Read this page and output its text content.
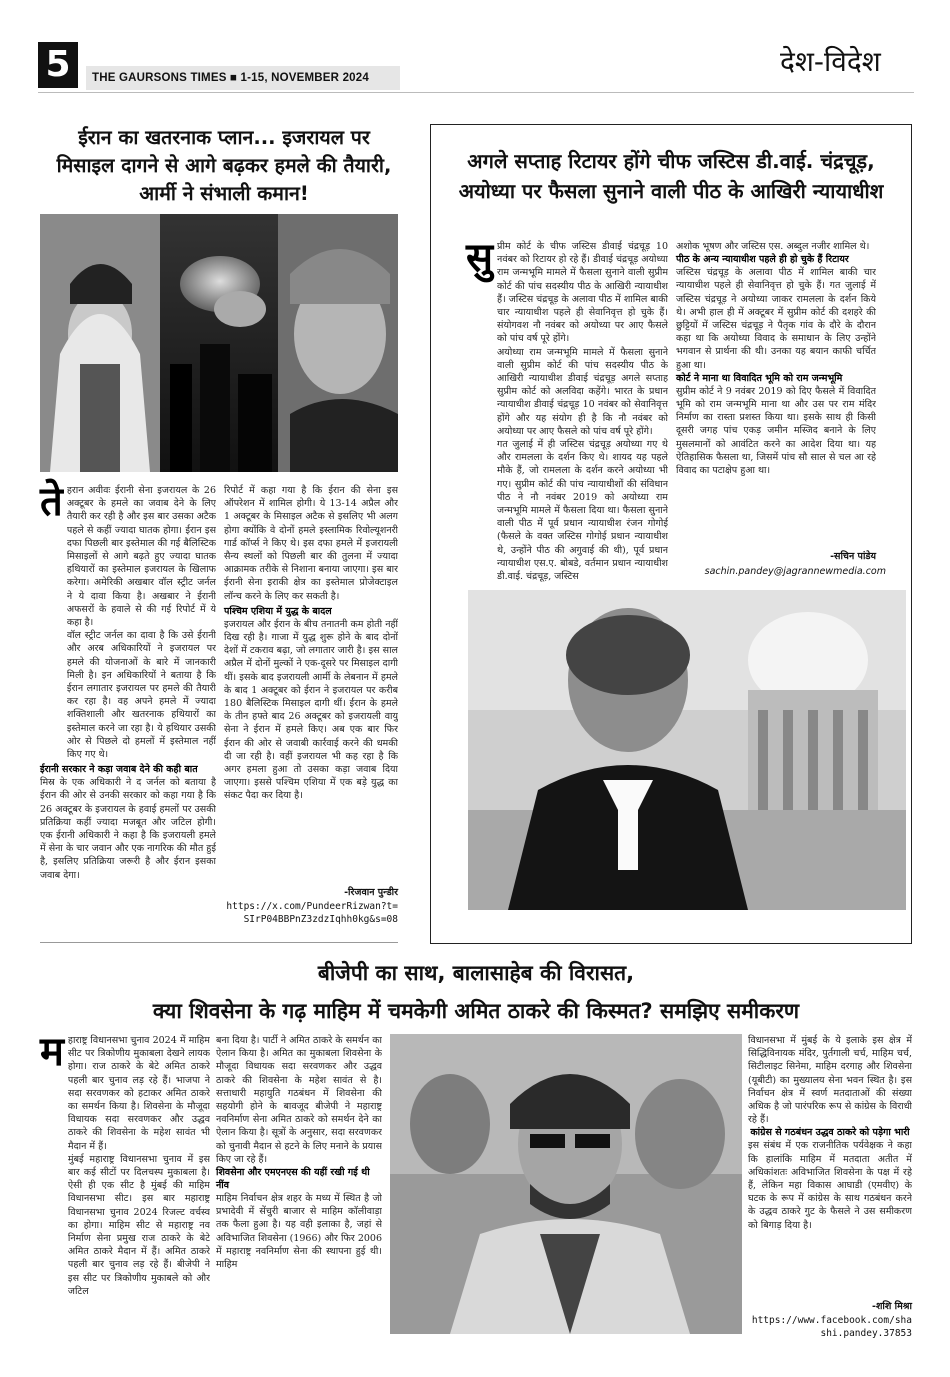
5	THE GAURSONS TIMES ■ 1-15, NOVEMBER 2024	देश-विदेश
ईरान का खतरनाक प्लान... इजरायल पर मिसाइल दागने से आगे बढ़कर हमले की तैयारी, आर्मी ने संभाली कमान!
ते हरान अवीवः ईरानी सेना इजरायल के 26 अक्टूबर के हमले का जवाब देने के लिए तैयारी कर रही है और इस बार उसका अटैक पहले से कहीं ज्यादा घातक होगा। ईरान इस दफा पिछली बार इस्तेमाल की गई बैलिस्टिक मिसाइलों से आगे बढ़ते हुए ज्यादा घातक हथियारों का इस्तेमाल इजरायल के खिलाफ करेगा। अमेरिकी अखबार वॉल स्ट्रीट जर्नल ने ये दावा किया है। अखबार ने ईरानी अफसरों के हवाले से की गई रिपोर्ट में ये कहा है।
वॉल स्ट्रीट जर्नल का दावा है कि उसे ईरानी और अरब अधिकारियों ने इजरायल पर हमले की योजनाओं के बारे में जानकारी मिली है। इन अधिकारियों ने बताया है कि ईरान लगातार इजरायल पर हमले की तैयारी कर रहा है। वह अपने हमले में ज्यादा शक्तिशाली और खतरनाक हथियारों का इस्तेमाल करने जा रहा है। ये हथियार उसकी ओर से पिछले दो हमलों में इस्तेमाल नहीं किए गए थे।
ईरानी सरकार ने कड़ा जवाब देने की कही बात
मिस्र के एक अधिकारी ने द जर्नल को बताया है ईरान की ओर से उनकी सरकार को कहा गया है कि 26 अक्टूबर के इजरायल के हवाई हमलों पर उसकी प्रतिक्रिया कहीं ज्यादा मजबूत और जटिल होगी। एक ईरानी अधिकारी ने कहा है कि इजरायली हमले में सेना के चार जवान और एक नागरिक की मौत हुई है, इसलिए प्रतिक्रिया जरूरी है और ईरान इसका जवाब देगा।
रिपोर्ट में कहा गया है कि ईरान की सेना इस ऑपरेशन में शामिल होगी। ये 13-14 अप्रैल और 1 अक्टूबर के मिसाइल अटैक से इसलिए भी अलग होगा क्योंकि वे दोनों हमले इस्लामिक रिवोल्यूशनरी गार्ड कॉर्प्स ने किए थे। इस दफा हमले में इजरायली सैन्य स्थलों को पिछली बार की तुलना में ज्यादा आक्रामक तरीके से निशाना बनाया जाएगा। इस बार ईरानी सेना इराकी क्षेत्र का इस्तेमाल प्रोजेक्टाइल लॉन्च करने के लिए कर सकती है।
पश्चिम एशिया में युद्ध के बादल
इजरायल और ईरान के बीच तनातनी कम होती नहीं दिख रही है। गाजा में युद्ध शुरू होने के बाद दोनों देशों में टकराव बढ़ा, जो लगातार जारी है। इस साल अप्रैल में दोनों मुल्कों ने एक-दूसरे पर मिसाइल दागी थीं। इसके बाद इजरायली आर्मी के लेबनान में हमले के बाद 1 अक्टूबर को ईरान ने इजरायल पर करीब 180 बैलिस्टिक मिसाइल दागी थीं। ईरान के हमले के तीन हफ्ते बाद 26 अक्टूबर को इजरायली वायु सेना ने ईरान में हमले किए। अब एक बार फिर ईरान की ओर से जवाबी कार्रवाई करने की धमकी दी जा रही है। वहीं इजरायल भी कह रहा है कि अगर हमला हुआ तो उसका कड़ा जवाब दिया जाएगा। इससे पश्चिम एशिया में एक बड़े युद्ध का संकट पैदा कर दिया है।
-रिजवान पुन्डीर
https://x.com/PundeerRizwan?t=SIrP04BBPnZ3zdzIqhh0kg&s=08
अगले सप्ताह रिटायर होंगे चीफ जस्टिस डी.वाई. चंद्रचूड़, अयोध्या पर फैसला सुनाने वाली पीठ के आखिरी न्यायाधीश
सु प्रीम कोर्ट के चीफ जस्टिस डीवाई चंद्रचूड़ 10 नवंबर को रिटायर हो रहे हैं। डीवाई चंद्रचूड़ अयोध्या राम जन्मभूमि मामले में फैसला सुनाने वाली सुप्रीम कोर्ट की पांच सदस्यीय पीठ के आखिरी न्यायाधीश हैं। जस्टिस चंद्रचूड़ के अलावा पीठ में शामिल बाकी चार न्यायाधीश पहले ही सेवानिवृत्त हो चुके हैं। संयोगवश नौ नवंबर को अयोध्या पर आए फैसले को पांच वर्ष पूरे होंगे।
अयोध्या राम जन्मभूमि मामले में फैसला सुनाने वाली सुप्रीम कोर्ट की पांच सदस्यीय पीठ के आखिरी न्यायाधीश डीवाई चंद्रचूड़ अगले सप्ताह सुप्रीम कोर्ट को अलविदा कहेंगे। भारत के प्रधान न्यायाधीश डीवाई चंद्रचूड़ 10 नवंबर को सेवानिवृत्त होंगे और यह संयोग ही है कि नौ नवंबर को अयोध्या पर आए फैसले को पांच वर्ष पूरे होंगे।
गत जुलाई में ही जस्टिस चंद्रचूड़ अयोध्या गए थे और रामलला के दर्शन किए थे। शायद यह पहले मौके हैं, जो रामलला के दर्शन करने अयोध्या भी गए। सुप्रीम कोर्ट की पांच न्यायाधीशों की संविधान पीठ ने नौ नवंबर 2019 को अयोध्या राम जन्मभूमि मामले में फैसला दिया था। फैसला सुनाने वाली पीठ में पूर्व प्रधान न्यायाधीश रंजन गोगोई (फैसले के वक्त जस्टिस गोगोई प्रधान न्यायाधीश थे, उन्होंने पीठ की अगुवाई की थी), पूर्व प्रधान न्यायाधीश एस.ए. बोबडे, वर्तमान प्रधान न्यायाधीश डी.वाई. चंद्रचूड़, जस्टिस
अशोक भूषण और जस्टिस एस. अब्दुल नजीर शामिल थे।
पीठ के अन्य न्यायाधीश पहले ही हो चुके हैं रिटायर
जस्टिस चंद्रचूड़ के अलावा पीठ में शामिल बाकी चार न्यायाधीश पहले ही सेवानिवृत्त हो चुके हैं। गत जुलाई में जस्टिस चंद्रचूड़ ने अयोध्या जाकर रामलला के दर्शन किये थे। अभी हाल ही में अक्टूबर में सुप्रीम कोर्ट की दशहरे की छुट्टियों में जस्टिस चंद्रचूड़ ने पैतृक गांव के दौरे के दौरान कहा था कि अयोध्या विवाद के समाधान के लिए उन्होंने भगवान से प्रार्थना की थी। उनका यह बयान काफी चर्चित हुआ था।
कोर्ट ने माना था विवादित भूमि को राम जन्मभूमि
सुप्रीम कोर्ट ने 9 नवंबर 2019 को दिए फैसले में विवादित भूमि को राम जन्मभूमि माना था और उस पर राम मंदिर निर्माण का रास्ता प्रशस्त किया था। इसके साथ ही किसी दूसरी जगह पांच एकड़ जमीन मस्जिद बनाने के लिए मुसलमानों को आवंटित करने का आदेश दिया था। यह ऐतिहासिक फैसला था, जिसमें पांच सौ साल से चल आ रहे विवाद का पटाक्षेप हुआ था।
-सचिन पांडेय
sachin.pandey@jagrannewmedia.com
बीजेपी का साथ, बालासाहेब की विरासत,
क्या शिवसेना के गढ़ माहिम में चमकेगी अमित ठाकरे की किस्मत? समझिए समीकरण
म हाराष्ट्र विधानसभा चुनाव 2024 में माहिम सीट पर त्रिकोणीय मुकाबला देखने लायक होगा। राज ठाकरे के बेटे अमित ठाकरे पहली बार चुनाव लड़ रहे हैं। भाजपा ने सदा सरवणकर को हटाकर अमित ठाकरे का समर्थन किया है। शिवसेना के मौजूदा विधायक सदा सरवणकर और उद्धव ठाकरे की शिवसेना के महेश सावंत भी मैदान में हैं।
मुंबई महाराष्ट्र विधानसभा चुनाव में इस बार कई सीटों पर दिलचस्प मुकाबला है। ऐसी ही एक सीट है मुंबई की माहिम विधानसभा सीट। इस बार महाराष्ट्र विधानसभा चुनाव 2024 रिजल्ट वर्चस्व का होगा। माहिम सीट से महाराष्ट्र नव निर्माण सेना प्रमुख राज ठाकरे के बेटे अमित ठाकरे मैदान में हैं। अमित ठाकरे पहली बार चुनाव लड़ रहे हैं। बीजेपी ने इस सीट पर त्रिकोणीय मुकाबले को और जटिल
बना दिया है। पार्टी ने अमित ठाकरे के समर्थन का ऐलान किया है। अमित का मुकाबला शिवसेना के मौजूदा विधायक सदा सरवणकर और उद्धव ठाकरे की शिवसेना के महेश सावंत से है। सत्ताधारी महायुति गठबंधन में शिवसेना की सहयोगी होने के बावजूद बीजेपी ने महाराष्ट्र नवनिर्माण सेना अमित ठाकरे को समर्थन देने का ऐलान किया है। सूत्रों के अनुसार, सदा सरवणकर को चुनावी मैदान से हटने के लिए मनाने के प्रयास किए जा रहे हैं।
शिवसेना और एमएनएस की यहीं रखी गई थी नींव
माहिम निर्वाचन क्षेत्र शहर के मध्य में स्थित है जो प्रभादेवी में सेंचुरी बाजार से माहिम कॉलीवाड़ा तक फैला हुआ है। यह वही इलाका है, जहां से अविभाजित शिवसेना (1966) और फिर 2006 में महाराष्ट्र नवनिर्माण सेना की स्थापना हुई थी। माहिम
विधानसभा में मुंबई के ये इलाके इस क्षेत्र में सिद्धिविनायक मंदिर, पुर्तगाली चर्च, माहिम चर्च, सिटीलाइट सिनेमा, माहिम दरगाह और शिवसेना (यूबीटी) का मुख्यालय सेना भवन स्थित है। इस निर्वाचन क्षेत्र में स्वर्ण मतदाताओं की संख्या अधिक है जो पारंपरिक रूप से कांग्रेस के विराधी रहे हैं।
कांग्रेस से गठबंधन उद्धव ठाकरे को पड़ेगा भारी
इस संबंध में एक राजनीतिक पर्यवेक्षक ने कहा कि हालांकि माहिम में मतदाता अतीत में अधिकांशतः अविभाजित शिवसेना के पक्ष में रहे हैं, लेकिन महा विकास आघाडी (एमवीए) के घटक के रूप में कांग्रेस के साथ गठबंधन करने के उद्धव ठाकरे गुट के फैसले ने उस समीकरण को बिगाड़ दिया है।
-शशि मिश्रा
https://www.facebook.com/shashi.pandey.37853
